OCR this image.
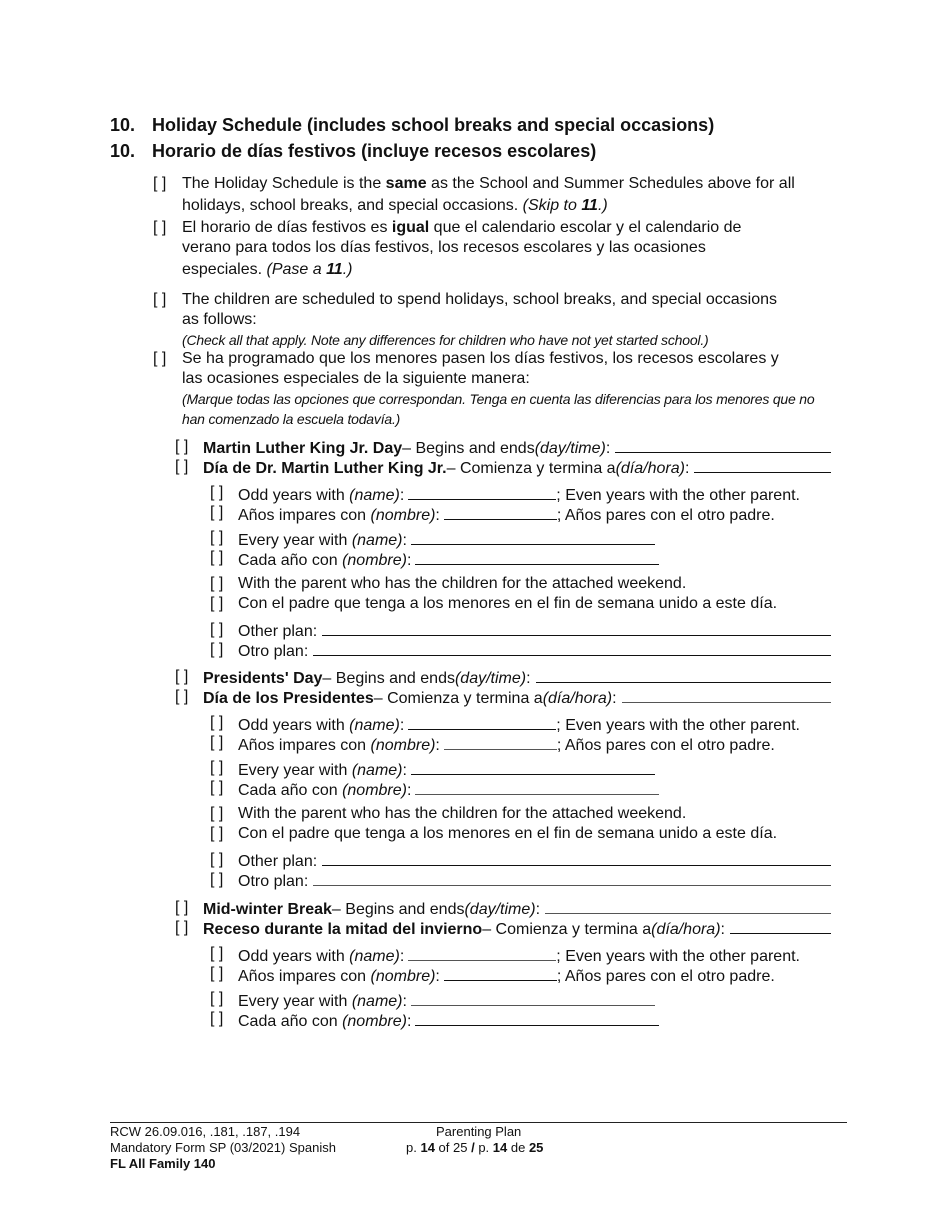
10. Holiday Schedule (includes school breaks and special occasions)
10. Horario de días festivos (incluye recesos escolares)
[ ] The Holiday Schedule is the same as the School and Summer Schedules above for all
holidays, school breaks, and special occasions. (Skip to 11.)
[ ] El horario de días festivos es igual que el calendario escolar y el calendario de
verano para todos los días festivos, los recesos escolares y las ocasiones
especiales. (Pase a 11.)
[ ] The children are scheduled to spend holidays, school breaks, and special occasions
as follows:
(Check all that apply. Note any differences for children who have not yet started school.)
[ ] Se ha programado que los menores pasen los días festivos, los recesos escolares y
las ocasiones especiales de la siguiente manera:
(Marque todas las opciones que correspondan. Tenga en cuenta las diferencias para los menores que no
han comenzado la escuela todavía.)
[ ] Martin Luther King Jr. Day – Begins and ends (day/time) :
[ ] Día de Dr. Martin Luther King Jr. – Comienza y termina a (día/hora) :
[ ] Odd years with (name):	; Even years with the other parent.
[ ] Años impares con (nombre):	; Años pares con el otro padre.
[ ] Every year with (name):
[ ] Cada año con (nombre):
[ ] With the parent who has the children for the attached weekend.
[ ] Con el padre que tenga a los menores en el fin de semana unido a este día.
[ ] Other plan:
[ ] Otro plan:
[ ] Presidents' Day – Begins and ends (day/time) :
[ ] Día de los Presidentes – Comienza y termina a (día/hora) :
[ ] Odd years with (name):	; Even years with the other parent.
[ ] Años impares con (nombre):	; Años pares con el otro padre.
[ ] Every year with (name):
[ ] Cada año con (nombre):
[ ] With the parent who has the children for the attached weekend.
[ ] Con el padre que tenga a los menores en el fin de semana unido a este día.
[ ] Other plan:
[ ] Otro plan:
[ ] Mid-winter Break – Begins and ends (day/time) :
[ ] Receso durante la mitad del invierno – Comienza y termina a (día/hora) :
[ ] Odd years with (name):	; Even years with the other parent.
[ ] Años impares con (nombre):	; Años pares con el otro padre.
[ ] Every year with (name):
[ ] Cada año con (nombre):
RCW 26.09.016, .181, .187, .194
Mandatory Form SP (03/2021) Spanish
FL All Family 140
Parenting Plan
p. 14 of 25 / p. 14 de 25
